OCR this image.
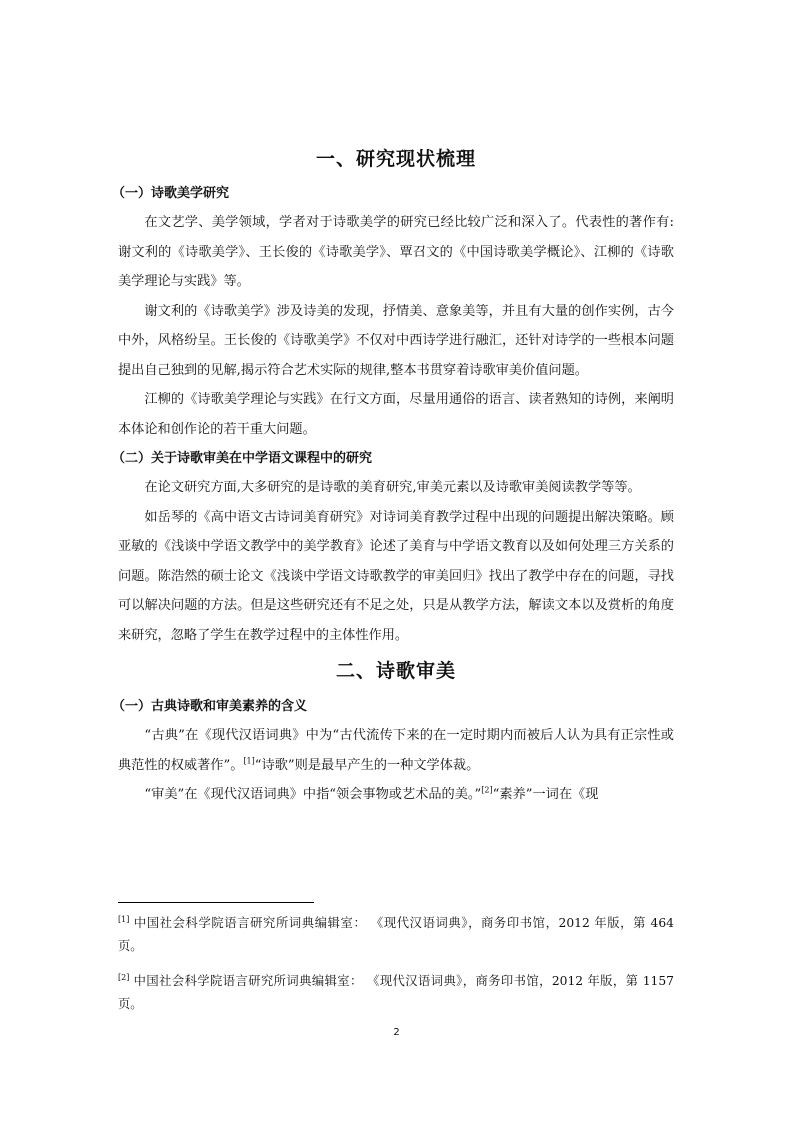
一、研究现状梳理
（一）诗歌美学研究

在文艺学、美学领域，学者对于诗歌美学的研究已经比较广泛和深入了。代表性的著作有:谢文利的《诗歌美学》、王长俊的《诗歌美学》、覃召文的《中国诗歌美学概论》、江柳的《诗歌美学理论与实践》等。

谢文利的《诗歌美学》涉及诗美的发现，抒情美、意象美等，并且有大量的创作实例，古今中外，风格纷呈。王长俊的《诗歌美学》不仅对中西诗学进行融汇，还针对诗学的一些根本问题提出自己独到的见解,揭示符合艺术实际的规律,整本书贯穿着诗歌审美价值问题。

江柳的《诗歌美学理论与实践》在行文方面，尽量用通俗的语言、读者熟知的诗例，来阐明本体论和创作论的若干重大问题。

（二）关于诗歌审美在中学语文课程中的研究

在论文研究方面,大多研究的是诗歌的美育研究,审美元素以及诗歌审美阅读教学等等。

如岳琴的《高中语文古诗词美育研究》对诗词美育教学过程中出现的问题提出解决策略。顾亚敏的《浅谈中学语文教学中的美学教育》论述了美育与中学语文教育以及如何处理三方关系的问题。陈浩然的硕士论文《浅谈中学语文诗歌教学的审美回归》找出了教学中存在的问题，寻找可以解决问题的方法。但是这些研究还有不足之处，只是从教学方法，解读文本以及赏析的角度来研究，忽略了学生在教学过程中的主体性作用。

二、诗歌审美
（一）古典诗歌和审美素养的含义

“古典”在《现代汉语词典》中为“古代流传下来的在一定时期内而被后人认为具有正宗性或典范性的权威著作”。[1]“诗歌”则是最早产生的一种文学体裁。

“审美”在《现代汉语词典》中指“领会事物或艺术品的美。”[2]“素养”一词在《现

[1] 中国社会科学院语言研究所词典编辑室： 《现代汉语词典》，商务印书馆，2012 年版，第 464 页。
[2] 中国社会科学院语言研究所词典编辑室： 《现代汉语词典》，商务印书馆，2012 年版，第 1157 页。
2
